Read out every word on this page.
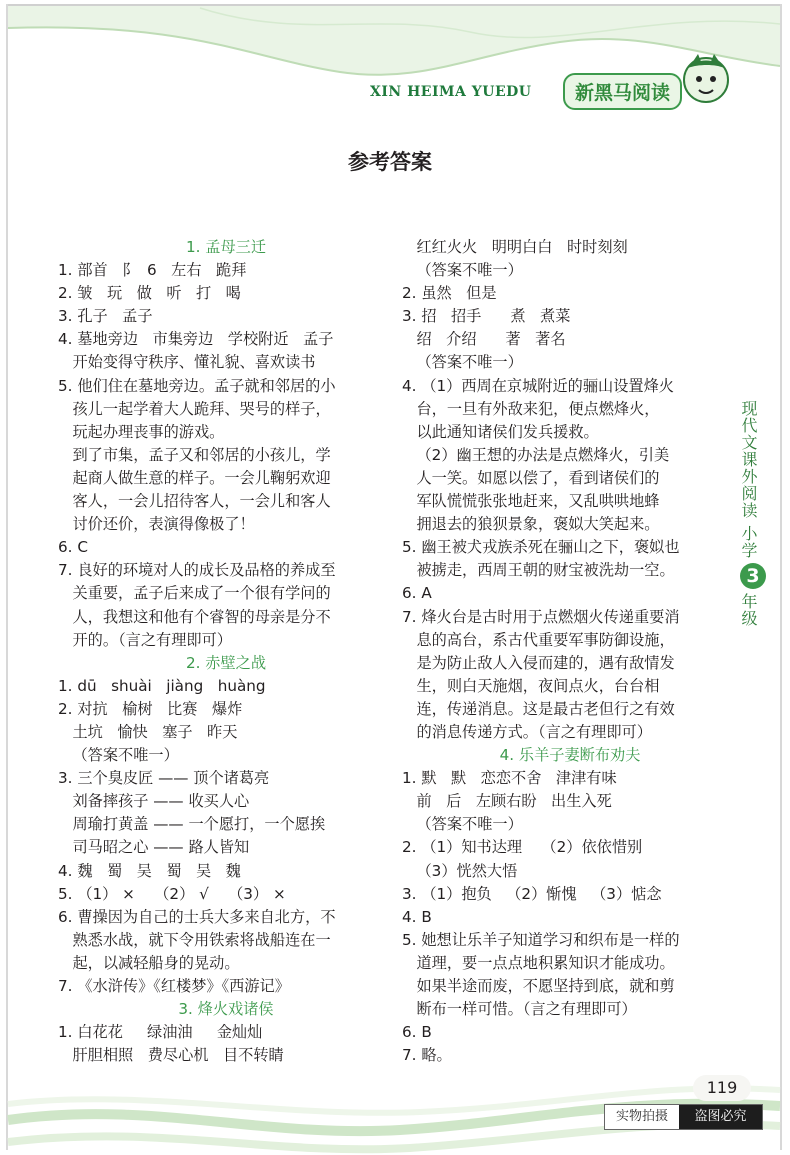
XIN HEIMA YUEDU	新黑马阅读
参考答案
1. 孟母三迁
1. 部首   阝  6   左右   跪拜
2. 皱   玩   做   听   打   喝
3. 孔子   孟子
4. 墓地旁边   市集旁边   学校附近   孟子
开始变得守秩序、懂礼貌、喜欢读书
5. 他们住在墓地旁边。孟子就和邻居的小
孩儿一起学着大人跪拜、哭号的样子，
玩起办理丧事的游戏。
到了市集，孟子又和邻居的小孩儿，学
起商人做生意的样子。一会儿鞠躬欢迎
客人，一会儿招待客人，一会儿和客人
讨价还价，表演得像极了！
6. C
7. 良好的环境对人的成长及品格的养成至
关重要，孟子后来成了一个很有学问的
人，我想这和他有个睿智的母亲是分不
开的。（言之有理即可）
2. 赤壁之战
1. dū   shuài   jiàng   huàng
2. 对抗   榆树   比赛   爆炸
土坑   愉快   塞子   昨天
（答案不唯一）
3. 三个臭皮匠 —— 顶个诸葛亮
刘备摔孩子 —— 收买人心
周瑜打黄盖 —— 一个愿打，一个愿挨
司马昭之心 —— 路人皆知
4. 魏   蜀   吴   蜀   吴   魏
5. （1） ×    （2） √    （3） ×
6. 曹操因为自己的士兵大多来自北方，不
熟悉水战，就下令用铁索将战船连在一
起，以减轻船身的晃动。
7. 《水浒传》《红楼梦》《西游记》
3. 烽火戏诸侯
1. 白花花     绿油油     金灿灿
肝胆相照   费尽心机   目不转睛
红红火火   明明白白   时时刻刻
（答案不唯一）
2. 虽然   但是
3. 招   招手      煮   煮菜
绍   介绍      著   著名
（答案不唯一）
4. （1）西周在京城附近的骊山设置烽火
台，一旦有外敌来犯，便点燃烽火，
以此通知诸侯们发兵援救。
（2）幽王想的办法是点燃烽火，引美
人一笑。如愿以偿了，看到诸侯们的
军队慌慌张张地赶来，又乱哄哄地蜂
拥退去的狼狈景象，褒姒大笑起来。
5. 幽王被犬戎族杀死在骊山之下，褒姒也
被掳走，西周王朝的财宝被洗劫一空。
6. A
7. 烽火台是古时用于点燃烟火传递重要消
息的高台，系古代重要军事防御设施，
是为防止敌人入侵而建的，遇有敌情发
生，则白天施烟，夜间点火，台台相
连，传递消息。这是最古老但行之有效
的消息传递方式。（言之有理即可）
4. 乐羊子妻断布劝夫
1. 默   默   恋恋不舍   津津有味
前   后   左顾右盼   出生入死
（答案不唯一）
2. （1）知书达理    （2）依依惜别
（3）恍然大悟
3. （1）抱负   （2）惭愧   （3）惦念
4. B
5. 她想让乐羊子知道学习和织布是一样的
道理，要一点点地积累知识才能成功。
如果半途而废，不愿坚持到底，就和剪
断布一样可惜。（言之有理即可）
6. B
7. 略。
现代文课外阅读
小学
3
年级
119
实物拍摄	盗图必究
